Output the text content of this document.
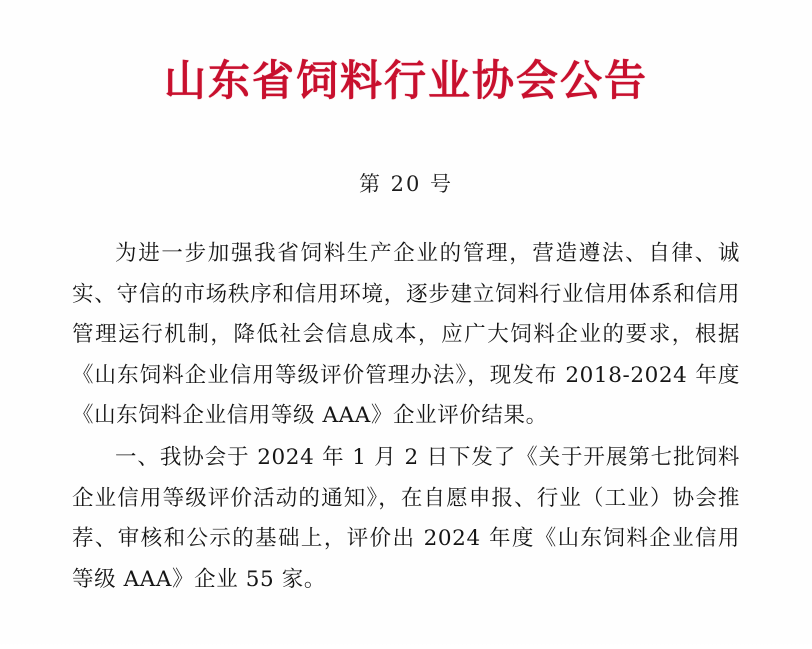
山东省饲料行业协会公告

第 20 号

为进一步加强我省饲料生产企业的管理，营造遵法、自律、诚实、守信的市场秩序和信用环境，逐步建立饲料行业信用体系和信用管理运行机制，降低社会信息成本，应广大饲料企业的要求，根据《山东饲料企业信用等级评价管理办法》，现发布 2018-2024 年度《山东饲料企业信用等级 AAA》企业评价结果。

一、我协会于 2024 年 1 月 2 日下发了《关于开展第七批饲料企业信用等级评价活动的通知》，在自愿申报、行业（工业）协会推荐、审核和公示的基础上，评价出 2024 年度《山东饲料企业信用等级 AAA》企业 55 家。
